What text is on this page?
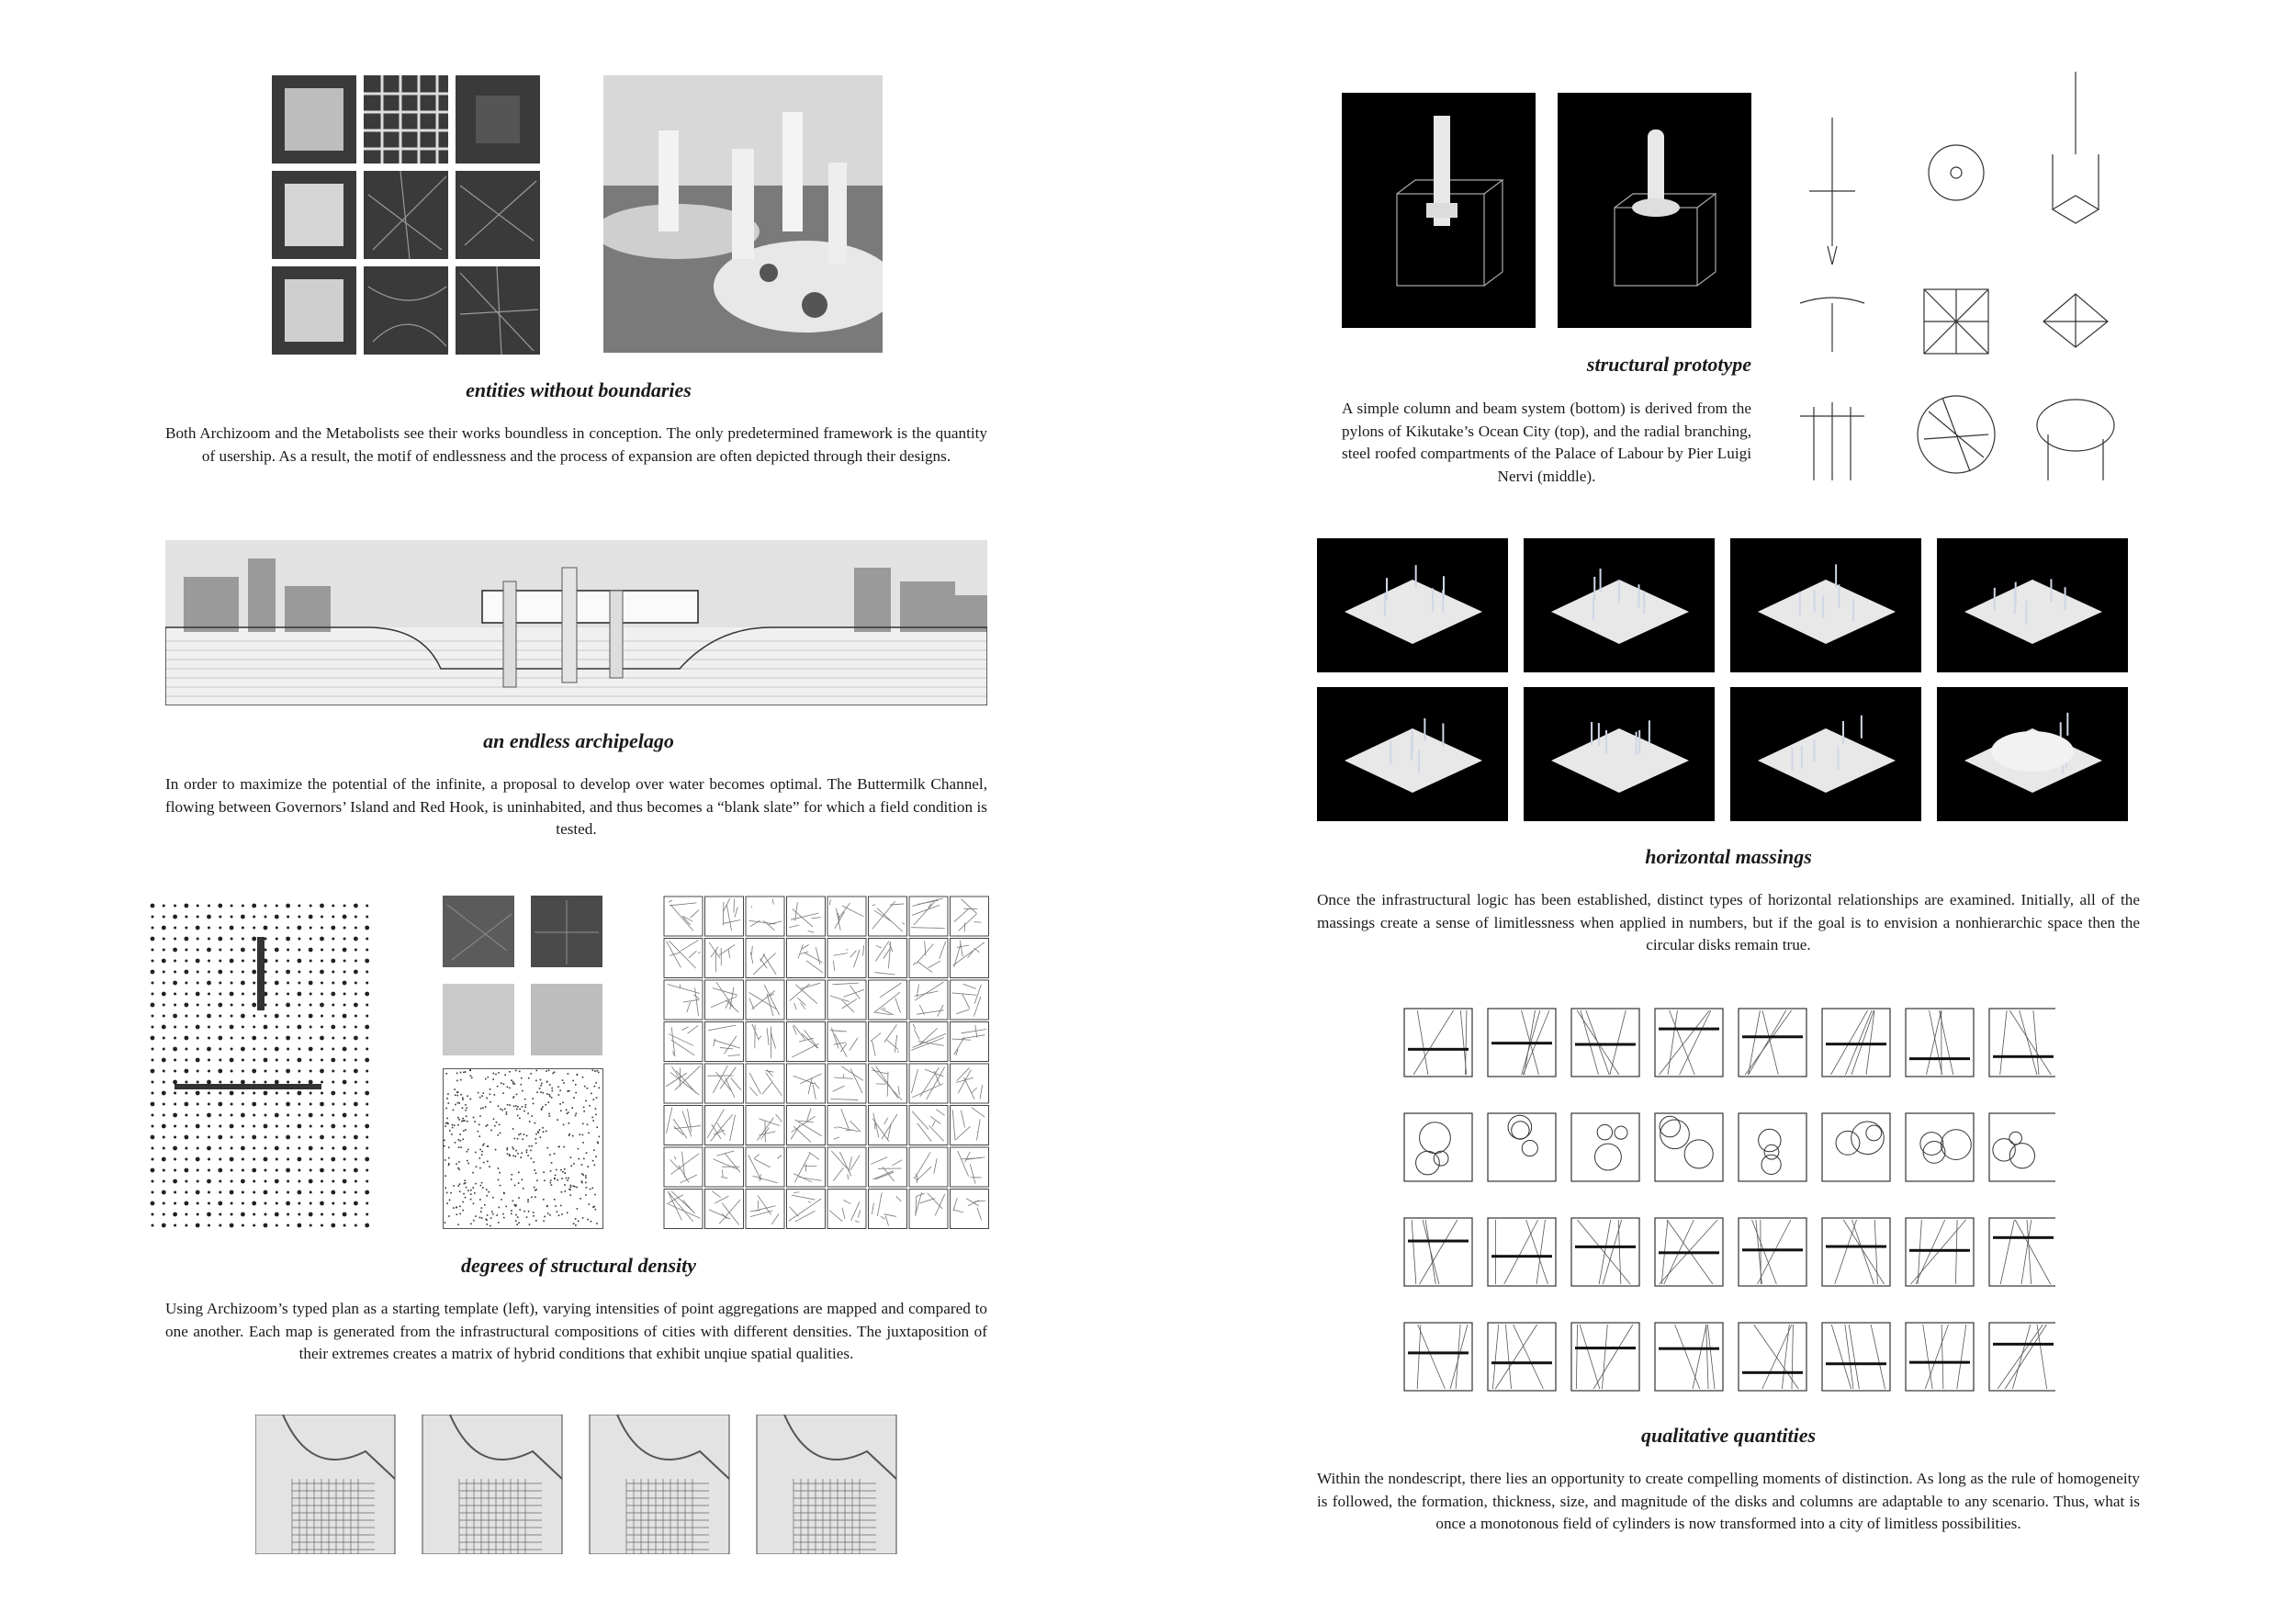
entities without boundaries
Both Archizoom and the Metabolists see their works boundless in conception. The only predetermined framework is the quantity of usership. As a result, the motif of endlessness and the process of expansion are often depicted through their designs.
an endless archipelago
In order to maximize the potential of the infinite, a proposal to develop over water becomes optimal. The Buttermilk Channel, flowing between Governors’ Island and Red Hook, is uninhabited, and thus becomes a “blank slate” for which a field condition is tested.
degrees of structural density
Using Archizoom’s typed plan as a starting template (left), varying intensities of point aggregations are mapped and compared to one another. Each map is generated from the infrastructural compositions of cities with different densities. The juxtaposition of their extremes creates a matrix of hybrid conditions that exhibit unqiue spatial qualities.
structural prototype
A simple column and beam system (bottom) is derived from the pylons of Kikutake’s Ocean City (top), and the radial branching, steel roofed compartments of the Palace of Labour by Pier Luigi Nervi (middle).
horizontal massings
Once the infrastructural logic has been established, distinct types of horizontal relationships are examined. Initially, all of the massings create a sense of limitlessness when applied in numbers, but if the goal is to envision a nonhierarchic space then the circular disks remain true.
qualitative quantities
Within the nondescript, there lies an opportunity to create compelling moments of distinction. As long as the rule of homogeneity is followed, the formation, thickness, size, and magnitude of the disks and columns are adaptable to any scenario. Thus, what is once a monotonous field of cylinders is now transformed into a city of limitless possibilities.
